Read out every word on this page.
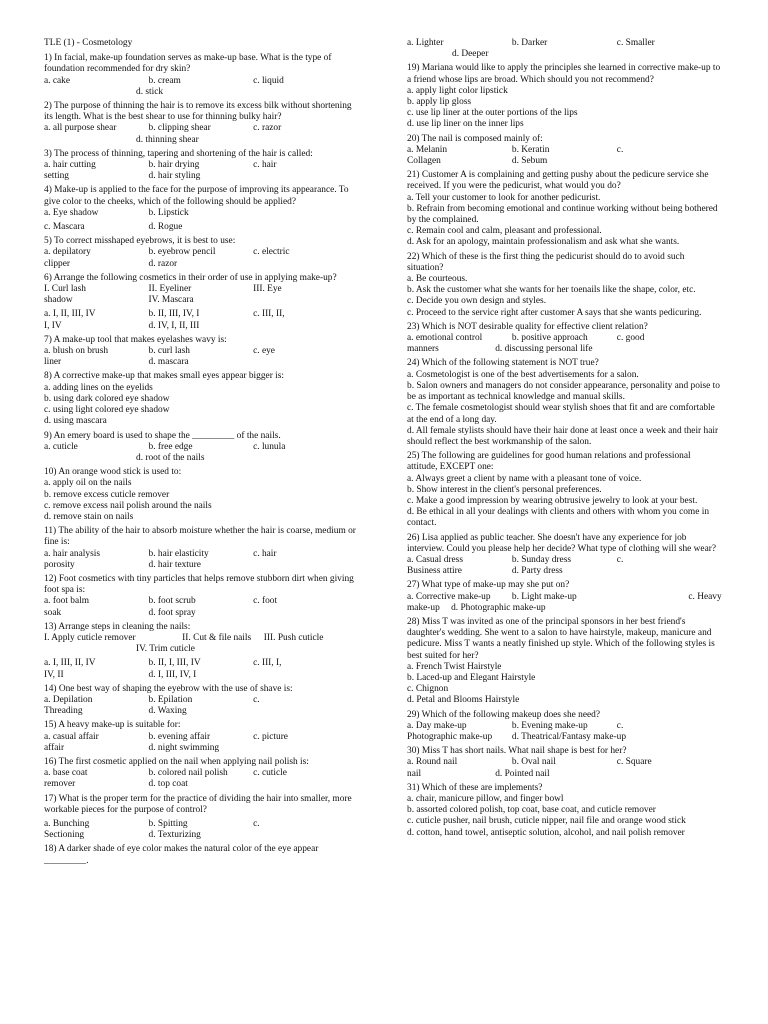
TLE (1) - Cosmetology

1) In facial, make-up foundation serves as make-up base. What is the type of foundation recommended for dry skin?

a. cake	b. cream	c. liquid

d. stick

2) The purpose of thinning the hair is to remove its excess bilk without shortening its length. What is the best shear to use for thinning bulky hair?

a. all purpose shear	b. clipping shear	c. razor

d. thinning shear

3) The process of thinning, tapering and shortening of the hair is called:

a. hair cutting	b. hair drying	c. hair
setting	d. hair styling

4) Make-up is applied to the face for the purpose of improving its appearance. To give color to the cheeks, which of the following should be applied?

a. Eye shadow	b. Lipstick
c. Mascara	d. Rogue

5) To correct misshaped eyebrows, it is best to use:

a. depilatory	b. eyebrow pencil	c. electric
clipper	d. razor

6) Arrange the following cosmetics in their order of use in applying make-up?

I. Curl lash	II. Eyeliner	III. Eye
shadow	IV. Mascara
a. I, II, III, IV	b. II, III, IV, I	c. III, II,
I, IV	d. IV, I, II, III

7) A make-up tool that makes eyelashes wavy is:

a. blush on brush	b. curl lash	c. eye
liner	d. mascara

8) A corrective make-up that makes small eyes appear bigger is:

a. adding lines on the eyelids

b. using dark colored eye shadow

c. using light colored eye shadow

d. using mascara

9) An emery board is used to shape the _________ of the nails.

a. cuticle	b. free edge	c. lunula

d. root of the nails

10) An orange wood stick is used to:

a. apply oil on the nails

b. remove excess cuticle remover

c. remove excess nail polish around the nails

d. remove stain on nails

11) The ability of the hair to absorb moisture whether the hair is coarse, medium or fine is:

a. hair analysis	b. hair elasticity	c. hair
porosity	d. hair texture

12) Foot cosmetics with tiny particles that helps remove stubborn dirt when giving foot spa is:

a. foot balm	b. foot scrub	c. foot
soak	d. foot spray

13) Arrange steps in cleaning the nails:

I. Apply cuticle remover	II. Cut & file nails	III. Push cuticle

IV. Trim cuticle

a. I, III, II, IV	b. II, I, III, IV	c. III, I,
IV, II	d. I, III, IV, I

14) One best way of shaping the eyebrow with the use of shave is:

a. Depilation	b. Epilation	c.
Threading	d. Waxing

15) A heavy make-up is suitable for:

a. casual affair	b. evening affair	c. picture
affair	d. night swimming

16) The first cosmetic applied on the nail when applying nail polish is:

a. base coat	b. colored nail polish	c. cuticle
remover	d. top coat

17) What is the proper term for the practice of dividing the hair into smaller, more workable pieces for the purpose of control?

a. Bunching	b. Spitting	c.
Sectioning	d. Texturizing

18) A darker shade of eye color makes the natural color of the eye appear _________.

a. Lighter	b. Darker	c. Smaller

d. Deeper

19) Mariana would like to apply the principles she learned in corrective make-up to a friend whose lips are broad. Which should you not recommend?

a. apply light color lipstick

b. apply lip gloss

c. use lip liner at the outer portions of the lips

d. use lip liner on the inner lips

20) The nail is composed mainly of:

a. Melanin	b. Keratin	c.
Collagen	d. Sebum

21) Customer A is complaining and getting pushy about the pedicure service she received. If you were the pedicurist, what would you do?

a. Tell your customer to look for another pedicurist.

b. Refrain from becoming emotional and continue working without being bothered by the complained.

c. Remain cool and calm, pleasant and professional.

d. Ask for an apology, maintain professionalism and ask what she wants.

22) Which of these is the first thing the pedicurist should do to avoid such situation?

a. Be courteous.

b. Ask the customer what she wants for her toenails like the shape, color, etc.

c. Decide you own design and styles.

c. Proceed to the service right after customer A says that she wants pedicuring.

23) Which is NOT desirable quality for effective client relation?

a. emotional control	b. positive approach	c. good
manners	d. discussing personal life

24) Which of the following statement is NOT true?

a. Cosmetologist is one of the best advertisements for a salon.

b. Salon owners and managers do not consider appearance, personality and poise to be as important as technical knowledge and manual skills.

c. The female cosmetologist should wear stylish shoes that fit and are comfortable at the end of a long day.

d. All female stylists should have their hair done at least once a week and their hair should reflect the best workmanship of the salon.

25) The following are guidelines for good human relations and professional attitude, EXCEPT one:

a. Always greet a client by name with a pleasant tone of voice.

b. Show interest in the client's personal preferences.

c. Make a good impression by wearing obtrusive jewelry to look at your best.

d. Be ethical in all your dealings with clients and others with whom you come in contact.

26) Lisa applied as public teacher. She doesn't have any experience for job interview. Could you please help her decide? What type of clothing will she wear?

a. Casual dress	b. Sunday dress	c.
Business attire	d. Party dress

27) What type of make-up may she put on?

a. Corrective make-up	b. Light make-up	c. Heavy
make-up	d. Photographic make-up

28) Miss T was invited as one of the principal sponsors in her best friend's daughter's wedding. She went to a salon to have hairstyle, makeup, manicure and pedicure. Miss T wants a neatly finished up style. Which of the following styles is best suited for her?

a. French Twist Hairstyle

b. Laced-up and Elegant Hairstyle

c. Chignon

d. Petal and Blooms Hairstyle

29) Which of the following makeup does she need?

a. Day make-up	b. Evening make-up	c.
Photographic make-up	d. Theatrical/Fantasy make-up

30) Miss T has short nails. What nail shape is best for her?

a. Round nail	b. Oval nail	c. Square
nail	d. Pointed nail

31) Which of these are implements?

a. chair, manicure pillow, and finger bowl

b. assorted colored polish, top coat, base coat, and cuticle remover

c. cuticle pusher, nail brush, cuticle nipper, nail file and orange wood stick

d. cotton, hand towel, antiseptic solution, alcohol, and nail polish remover
